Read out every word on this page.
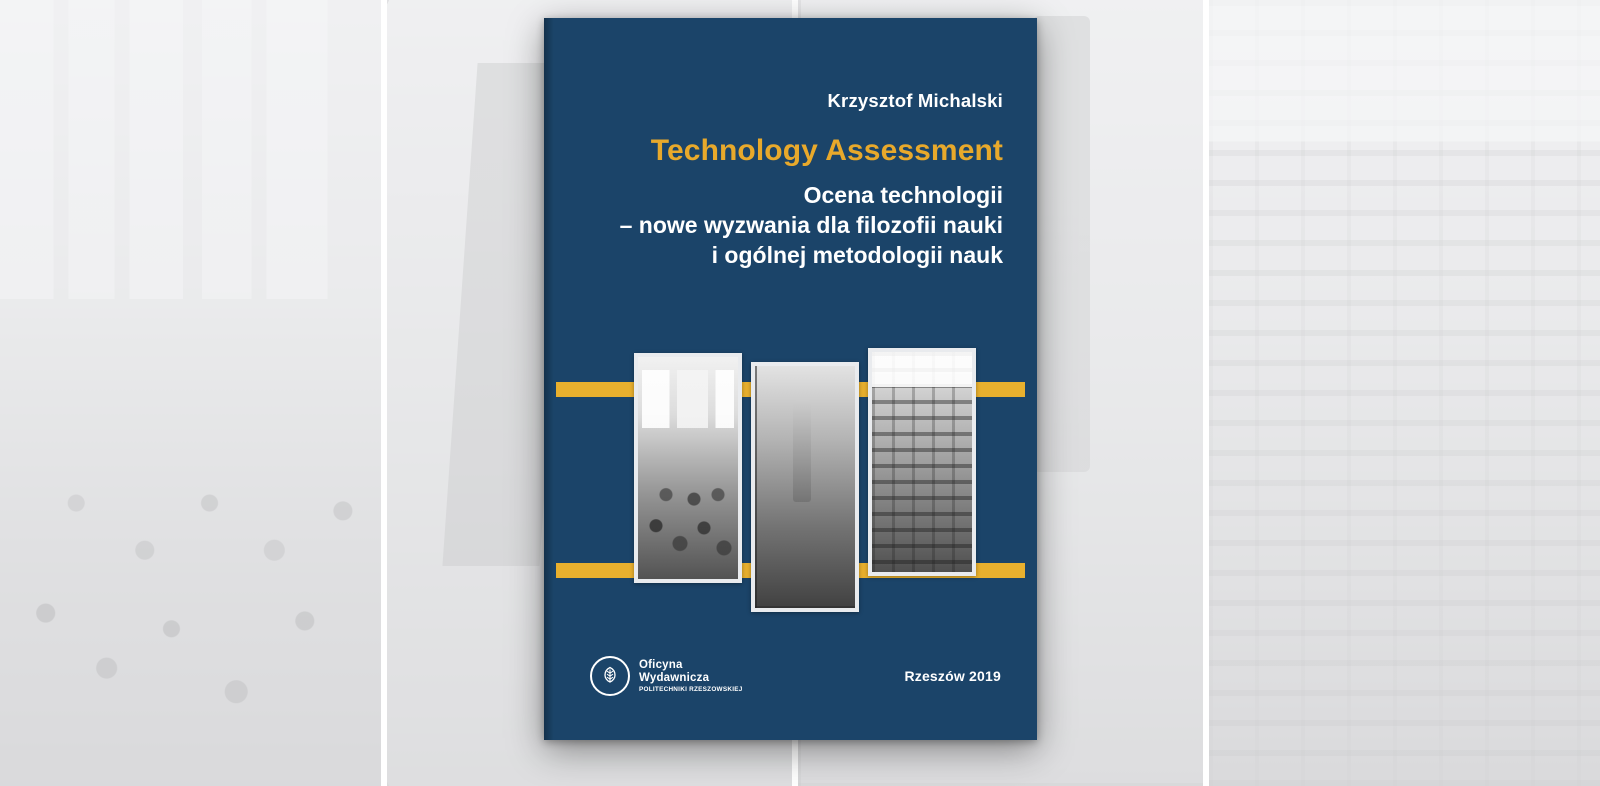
Krzysztof Michalski
Technology Assessment
Ocena technologii
– nowe wyzwania dla filozofii nauki
i ogólnej metodologii nauk
Oficyna
Wydawnicza
POLITECHNIKI RZESZOWSKIEJ
Rzeszów 2019
